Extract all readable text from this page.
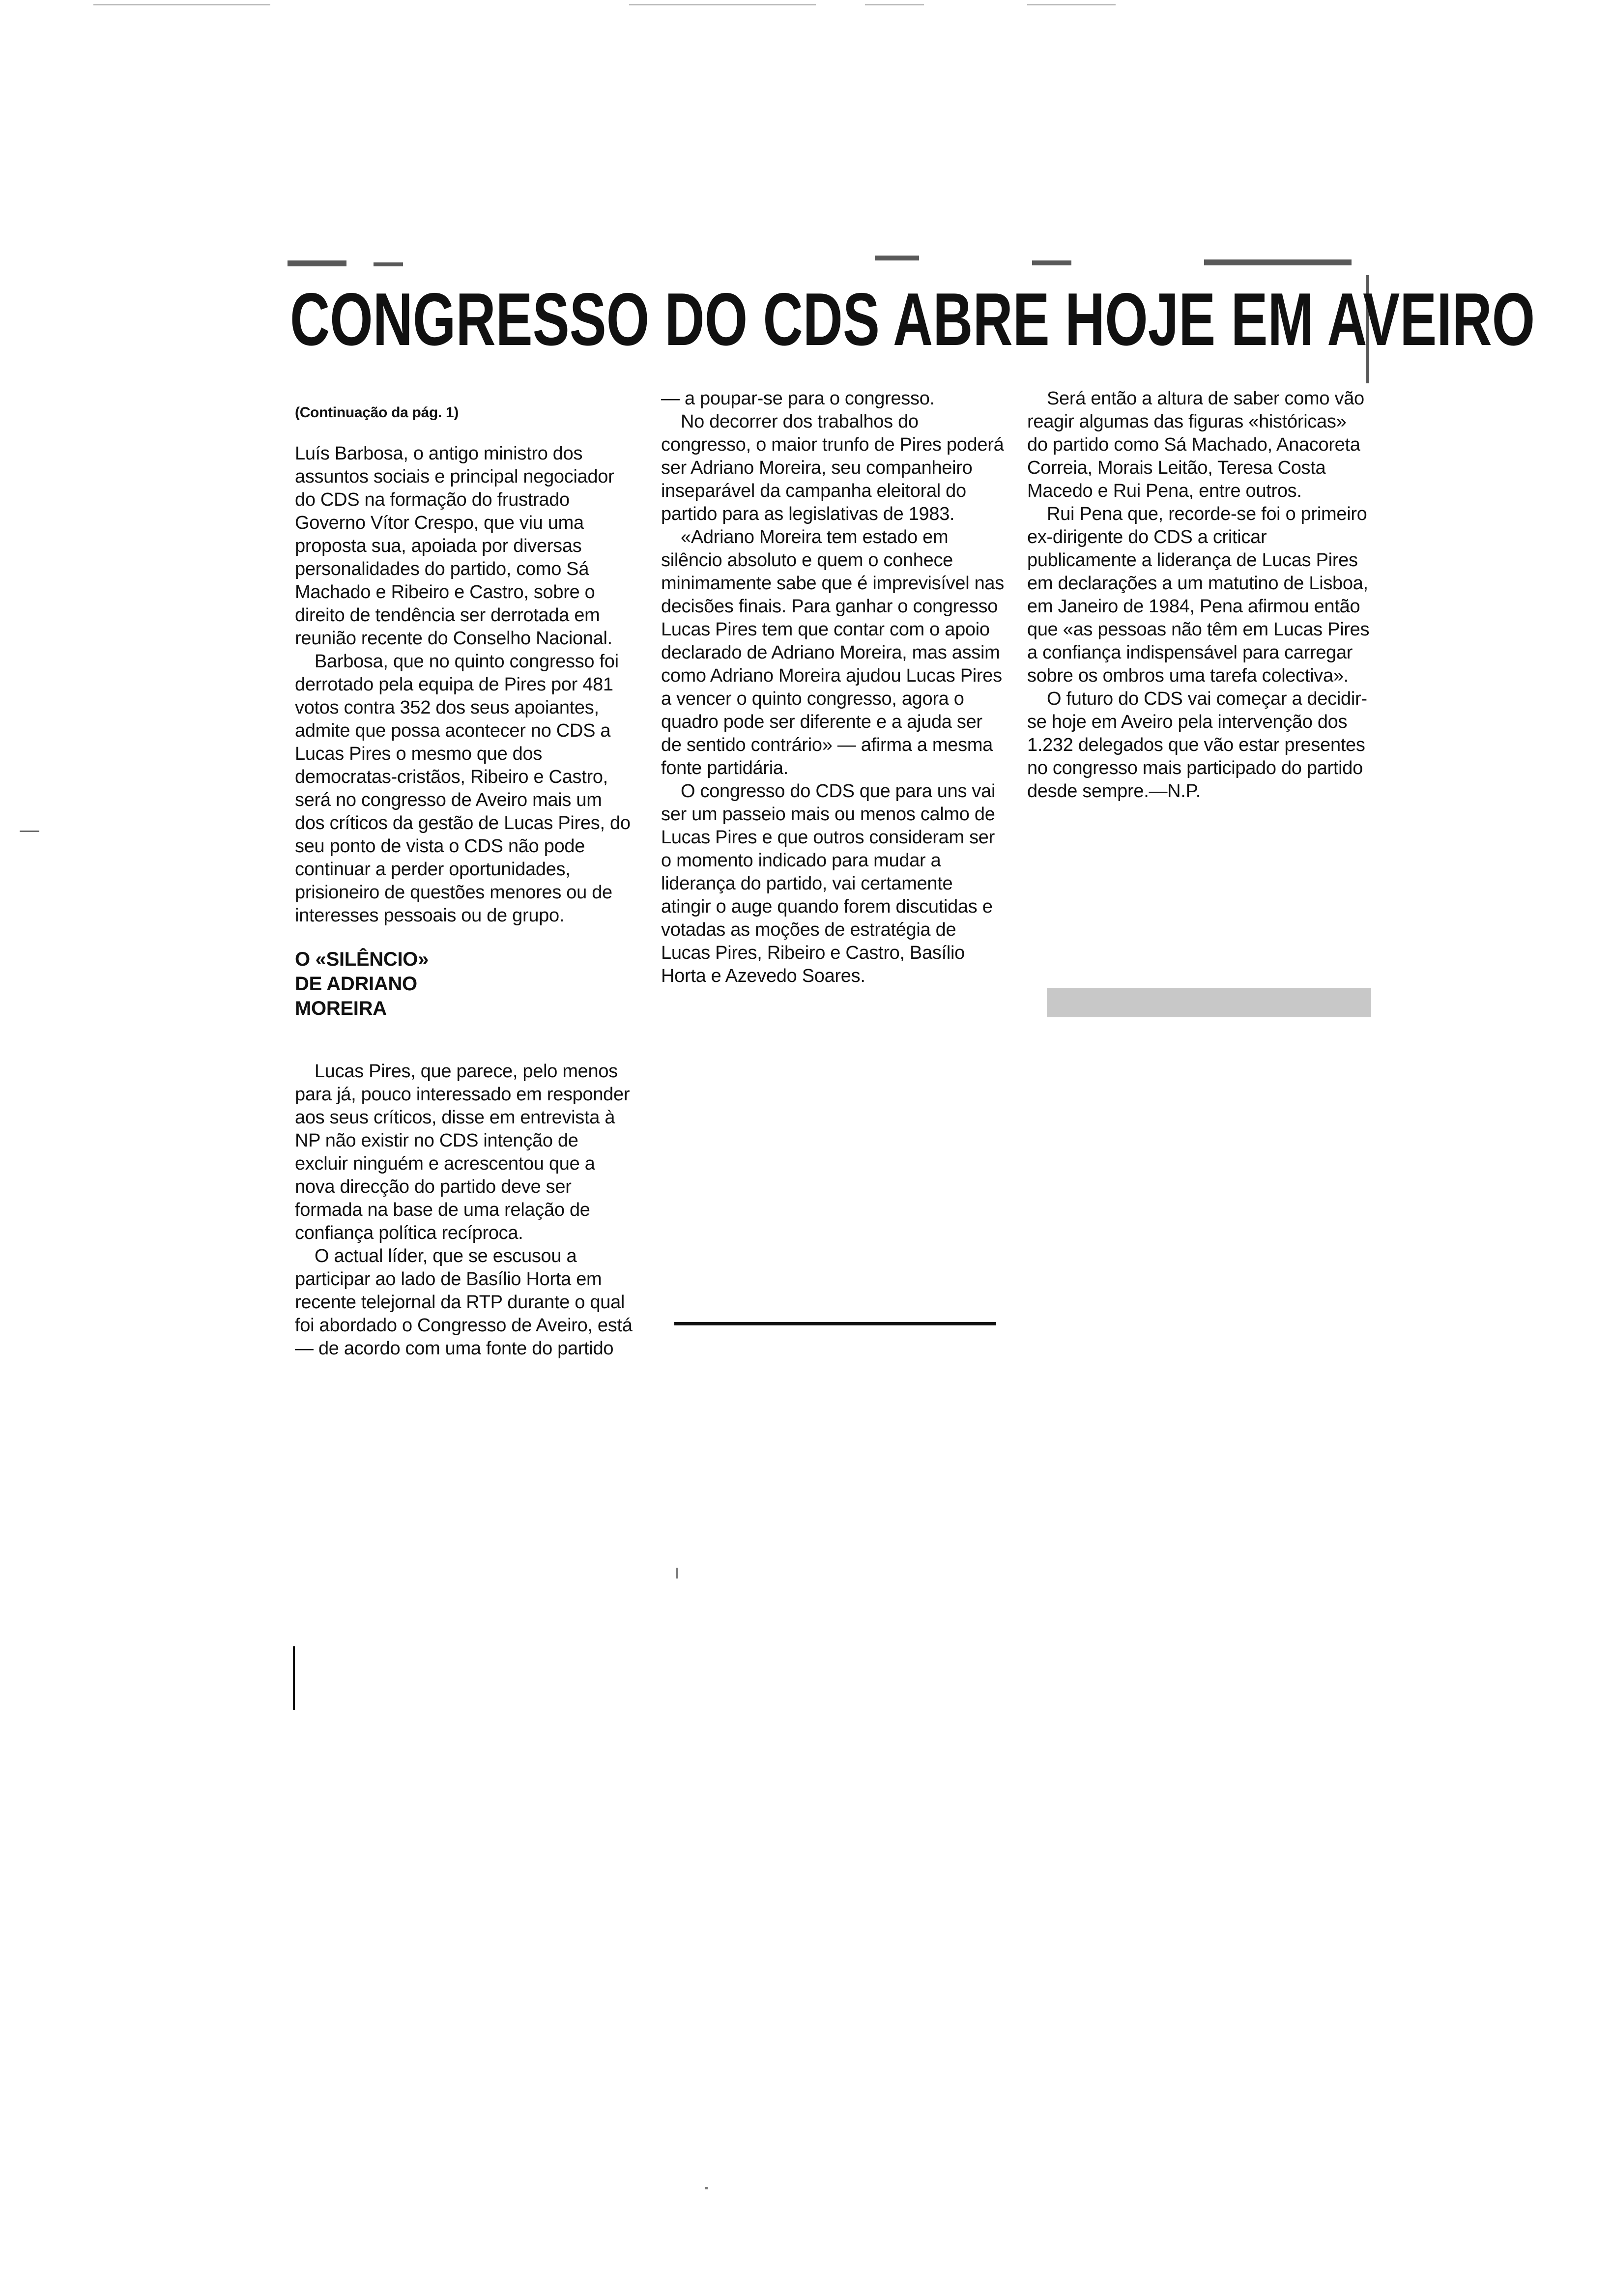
CONGRESSO DO CDS ABRE HOJE EM AVEIRO

(Continuação da pág. 1)

Luís Barbosa, o antigo ministro dos assuntos sociais e principal negociador do CDS na formação do frustrado Governo Vítor Crespo, que viu uma proposta sua, apoiada por diversas personalidades do partido, como Sá Machado e Ribeiro e Castro, sobre o direito de tendência ser derrotada em reunião recente do Conselho Nacional.

Barbosa, que no quinto congresso foi derrotado pela equipa de Pires por 481 votos contra 352 dos seus apoiantes, admite que possa acontecer no CDS a Lucas Pires o mesmo que dos democratas-cristãos, Ribeiro e Castro, será no congresso de Aveiro mais um dos críticos da gestão de Lucas Pires, do seu ponto de vista o CDS não pode continuar a perder oportunidades, prisioneiro de questões menores ou de interesses pessoais ou de grupo.

O «SILÊNCIO»
DE ADRIANO
MOREIRA

Lucas Pires, que parece, pelo menos para já, pouco interessado em responder aos seus críticos, disse em entrevista à NP não existir no CDS intenção de excluir ninguém e acrescentou que a nova direcção do partido deve ser formada na base de uma relação de confiança política recíproca.

O actual líder, que se escusou a participar ao lado de Basílio Horta em recente telejornal da RTP durante o qual foi abordado o Congresso de Aveiro, está — de acordo com uma fonte do partido

— a poupar-se para o congresso.

No decorrer dos trabalhos do congresso, o maior trunfo de Pires poderá ser Adriano Moreira, seu companheiro inseparável da campanha eleitoral do partido para as legislativas de 1983.

«Adriano Moreira tem estado em silêncio absoluto e quem o conhece minimamente sabe que é imprevisível nas decisões finais. Para ganhar o congresso Lucas Pires tem que contar com o apoio declarado de Adriano Moreira, mas assim como Adriano Moreira ajudou Lucas Pires a vencer o quinto congresso, agora o quadro pode ser diferente e a ajuda ser de sentido contrário» — afirma a mesma fonte partidária.

O congresso do CDS que para uns vai ser um passeio mais ou menos calmo de Lucas Pires e que outros consideram ser o momento indicado para mudar a liderança do partido, vai certamente atingir o auge quando forem discutidas e votadas as moções de estratégia de Lucas Pires, Ribeiro e Castro, Basílio Horta e Azevedo Soares.

Será então a altura de saber como vão reagir algumas das figuras «históricas» do partido como Sá Machado, Anacoreta Correia, Morais Leitão, Teresa Costa Macedo e Rui Pena, entre outros.

Rui Pena que, recorde-se foi o primeiro ex-dirigente do CDS a criticar publicamente a liderança de Lucas Pires em declarações a um matutino de Lisboa, em Janeiro de 1984, Pena afirmou então que «as pessoas não têm em Lucas Pires a confiança indispensável para carregar sobre os ombros uma tarefa colectiva».

O futuro do CDS vai começar a decidir-se hoje em Aveiro pela intervenção dos 1.232 delegados que vão estar presentes no congresso mais participado do partido desde sempre.—N.P.
